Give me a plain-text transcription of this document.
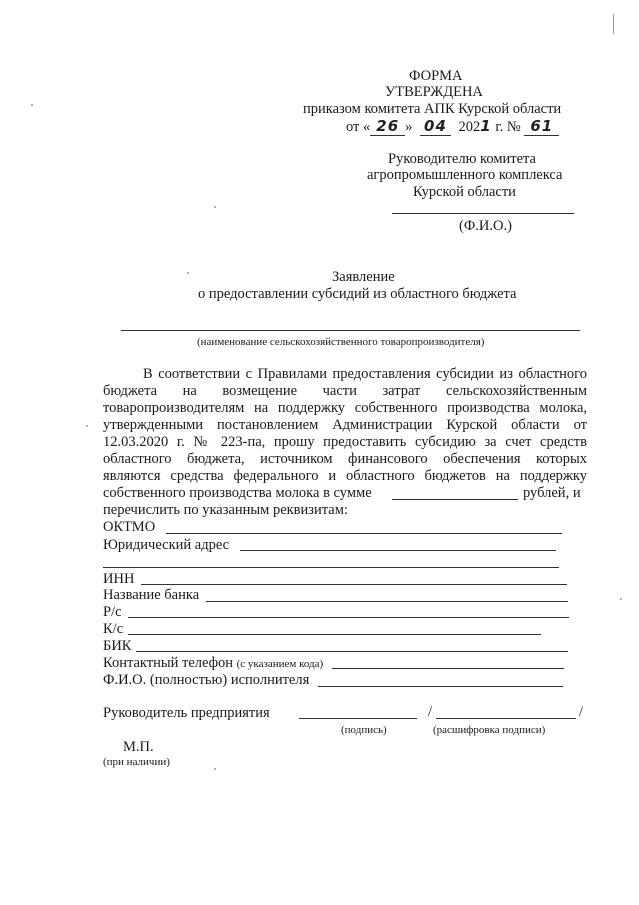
ФОРМА
УТВЕРЖДЕНА
приказом комитета АПК Курской области
от « 26 » 04 2021 г. № 61
Руководителю комитета
агропромышленного комплекса
Курской области
(Ф.И.О.)
Заявление
о предоставлении субсидий из областного бюджета
(наименование сельскохозяйственного товаропроизводителя)
В соответствии с Правилами предоставления субсидии из областного
бюджета на возмещение части затрат сельскохозяйственным
товаропроизводителям на поддержку собственного производства молока,
утвержденными постановлением Администрации Курской области от
12.03.2020 г. № 223-па, прошу предоставить субсидию за счет средств
областного бюджета, источником финансового обеспечения которых
являются средства федерального и областного бюджетов на поддержку
собственного производства молока в сумме	рублей, и
перечислить по указанным реквизитам:
ОКТМО
Юридический адрес
ИНН
Название банка
Р/с
К/с
БИК
Контактный телефон (с указанием кода)
Ф.И.О. (полностью) исполнителя
Руководитель предприятия	/	/
(подпись)	(расшифровка подписи)
М.П.
(при наличии)
